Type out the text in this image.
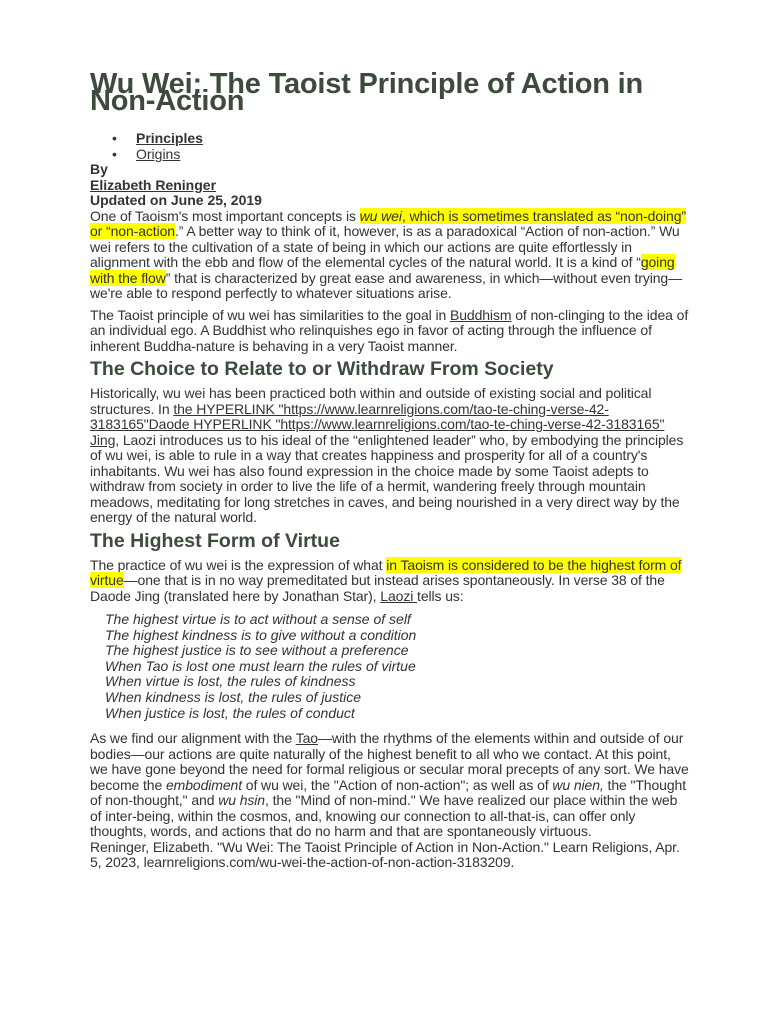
Wu Wei: The Taoist Principle of Action in Non-Action
• Principles
• Origins
By
Elizabeth Reninger
Updated on June 25, 2019

One of Taoism's most important concepts is wu wei, which is sometimes translated as “non-doing” or “non-action.” A better way to think of it, however, is as a paradoxical “Action of non-action.” Wu wei refers to the cultivation of a state of being in which our actions are quite effortlessly in alignment with the ebb and flow of the elemental cycles of the natural world. It is a kind of “going with the flow” that is characterized by great ease and awareness, in which—without even trying—we're able to respond perfectly to whatever situations arise.

The Taoist principle of wu wei has similarities to the goal in Buddhism of non-clinging to the idea of an individual ego. A Buddhist who relinquishes ego in favor of acting through the influence of inherent Buddha-nature is behaving in a very Taoist manner.

The Choice to Relate to or Withdraw From Society

Historically, wu wei has been practiced both within and outside of existing social and political structures. In the HYPERLINK "https://www.learnreligions.com/tao-te-ching-verse-42-3183165"Daode HYPERLINK "https://www.learnreligions.com/tao-te-ching-verse-42-3183165" Jing, Laozi introduces us to his ideal of the “enlightened leader” who, by embodying the principles of wu wei, is able to rule in a way that creates happiness and prosperity for all of a country's inhabitants. Wu wei has also found expression in the choice made by some Taoist adepts to withdraw from society in order to live the life of a hermit, wandering freely through mountain meadows, meditating for long stretches in caves, and being nourished in a very direct way by the energy of the natural world.

The Highest Form of Virtue

The practice of wu wei is the expression of what in Taoism is considered to be the highest form of virtue—one that is in no way premeditated but instead arises spontaneously. In verse 38 of the Daode Jing (translated here by Jonathan Star), Laozi tells us:

The highest virtue is to act without a sense of self
The highest kindness is to give without a condition
The highest justice is to see without a preference
When Tao is lost one must learn the rules of virtue
When virtue is lost, the rules of kindness
When kindness is lost, the rules of justice
When justice is lost, the rules of conduct

As we find our alignment with the Tao—with the rhythms of the elements within and outside of our bodies—our actions are quite naturally of the highest benefit to all who we contact. At this point, we have gone beyond the need for formal religious or secular moral precepts of any sort. We have become the embodiment of wu wei, the "Action of non-action"; as well as of wu nien, the "Thought of non-thought," and wu hsin, the "Mind of non-mind." We have realized our place within the web of inter-being, within the cosmos, and, knowing our connection to all-that-is, can offer only thoughts, words, and actions that do no harm and that are spontaneously virtuous.

Reninger, Elizabeth. "Wu Wei: The Taoist Principle of Action in Non-Action." Learn Religions, Apr. 5, 2023, learnreligions.com/wu-wei-the-action-of-non-action-3183209.
